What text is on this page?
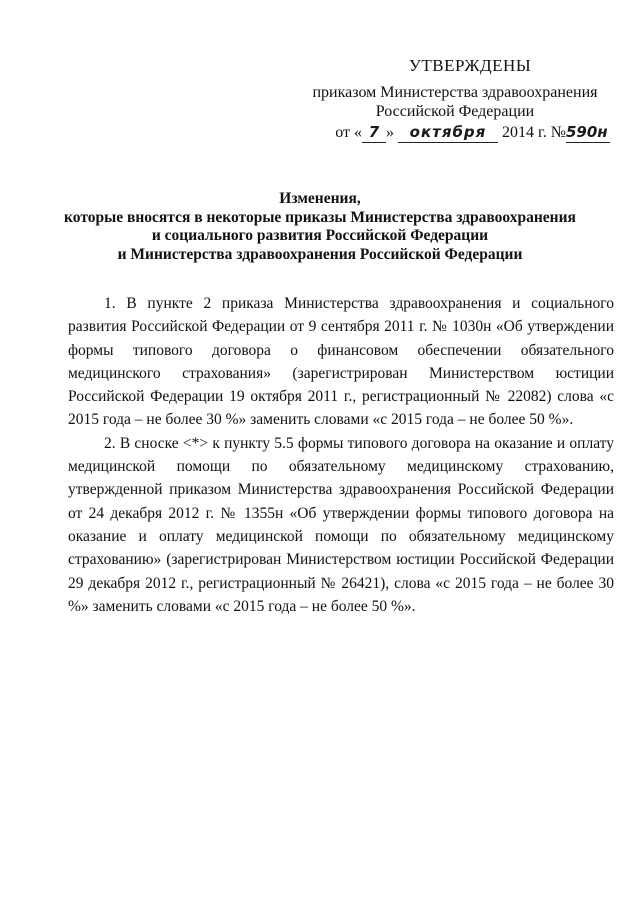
УТВЕРЖДЕНЫ
приказом Министерства здравоохранения
Российской Федерации
от « 7 » октября 2014 г. №590н
Изменения,
которые вносятся в некоторые приказы Министерства здравоохранения
и социального развития Российской Федерации
и Министерства здравоохранения Российской Федерации

1. В пункте 2 приказа Министерства здравоохранения и социального развития Российской Федерации от 9 сентября 2011 г. № 1030н «Об утверждении формы типового договора о финансовом обеспечении обязательного медицинского страхования» (зарегистрирован Министерством юстиции Российской Федерации 19 октября 2011 г., регистрационный № 22082) слова «с 2015 года – не более 30 %» заменить словами «с 2015 года – не более 50 %».

2. В сноске <*> к пункту 5.5 формы типового договора на оказание и оплату медицинской помощи по обязательному медицинскому страхованию, утвержденной приказом Министерства здравоохранения Российской Федерации от 24 декабря 2012 г. № 1355н «Об утверждении формы типового договора на оказание и оплату медицинской помощи по обязательному медицинскому страхованию» (зарегистрирован Министерством юстиции Российской Федерации 29 декабря 2012 г., регистрационный № 26421), слова «с 2015 года – не более 30 %» заменить словами «с 2015 года – не более 50 %».
